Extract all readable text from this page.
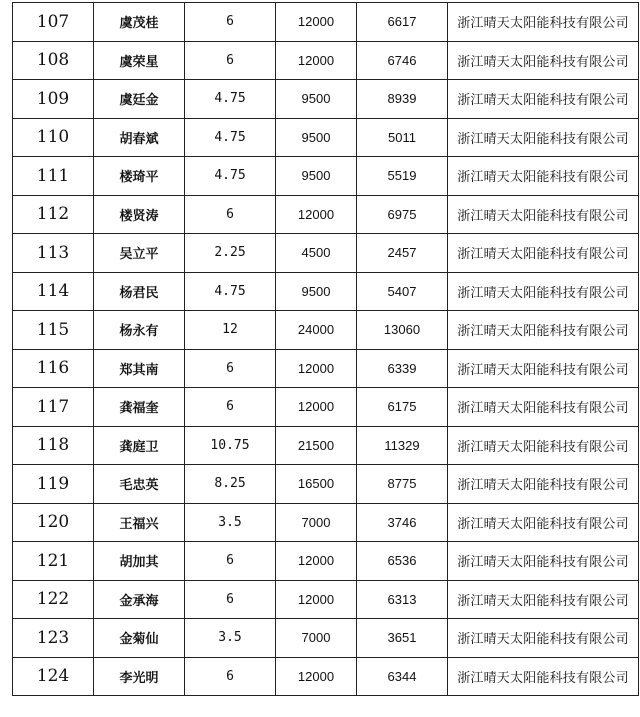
107	虞茂桂	6	12000	6617	浙江晴天太阳能科技有限公司
108	虞荣星	6	12000	6746	浙江晴天太阳能科技有限公司
109	虞廷金	4.75	9500	8939	浙江晴天太阳能科技有限公司
110	胡春斌	4.75	9500	5011	浙江晴天太阳能科技有限公司
111	楼琦平	4.75	9500	5519	浙江晴天太阳能科技有限公司
112	楼贤涛	6	12000	6975	浙江晴天太阳能科技有限公司
113	吴立平	2.25	4500	2457	浙江晴天太阳能科技有限公司
114	杨君民	4.75	9500	5407	浙江晴天太阳能科技有限公司
115	杨永有	12	24000	13060	浙江晴天太阳能科技有限公司
116	郑其南	6	12000	6339	浙江晴天太阳能科技有限公司
117	龚福奎	6	12000	6175	浙江晴天太阳能科技有限公司
118	龚庭卫	10.75	21500	11329	浙江晴天太阳能科技有限公司
119	毛忠英	8.25	16500	8775	浙江晴天太阳能科技有限公司
120	王福兴	3.5	7000	3746	浙江晴天太阳能科技有限公司
121	胡加其	6	12000	6536	浙江晴天太阳能科技有限公司
122	金承海	6	12000	6313	浙江晴天太阳能科技有限公司
123	金菊仙	3.5	7000	3651	浙江晴天太阳能科技有限公司
124	李光明	6	12000	6344	浙江晴天太阳能科技有限公司
